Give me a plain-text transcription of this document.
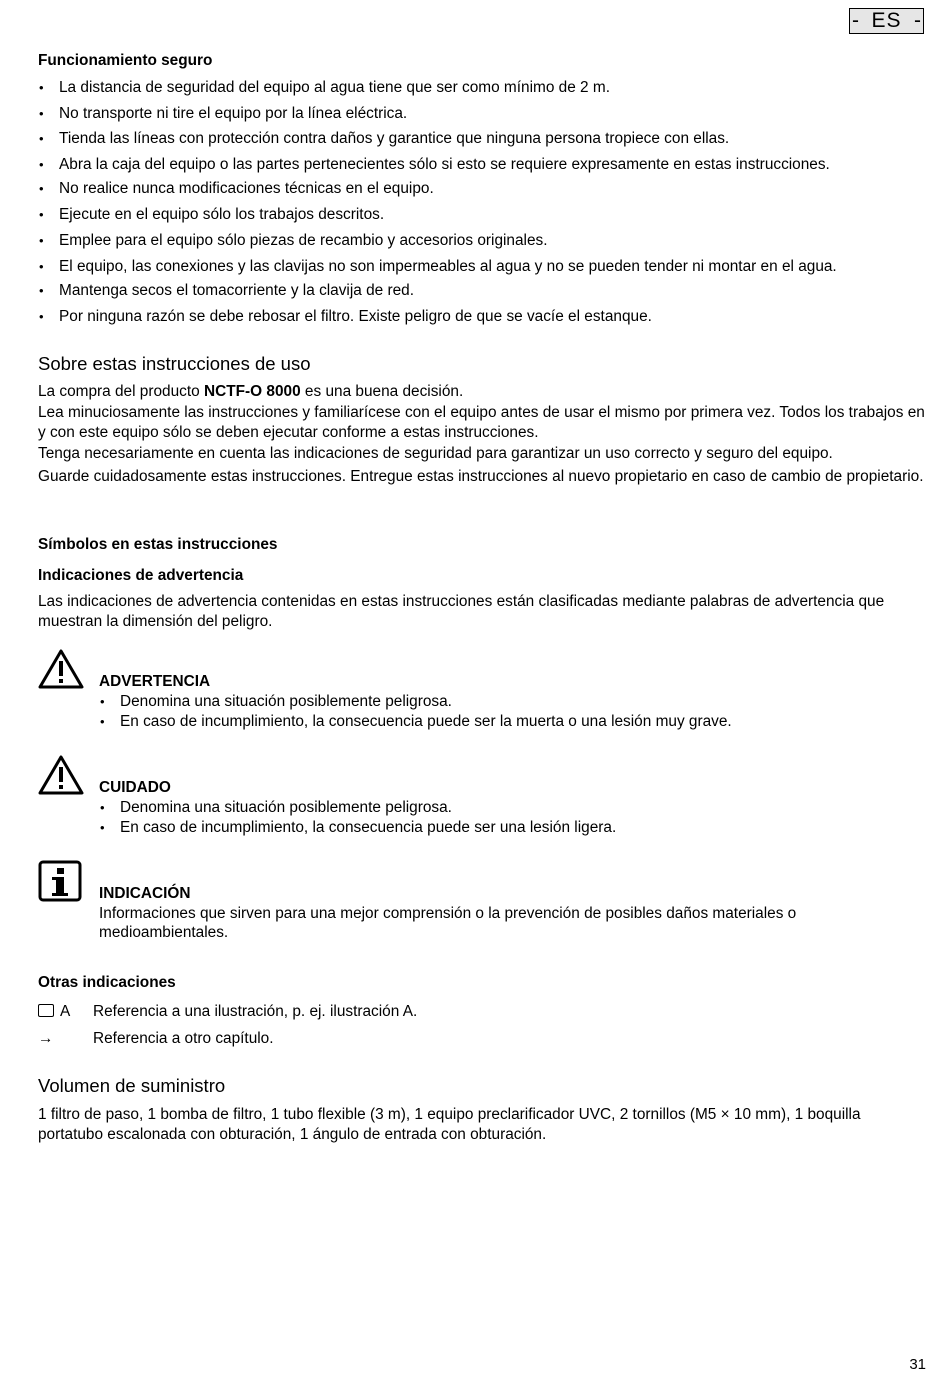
- ES -
Funcionamiento seguro
• La distancia de seguridad del equipo al agua tiene que ser como mínimo de 2 m.
• No transporte ni tire el equipo por la línea eléctrica.
• Tienda las líneas con protección contra daños y garantice que ninguna persona tropiece con ellas.
• Abra la caja del equipo o las partes pertenecientes sólo si esto se requiere expresamente en estas instrucciones.
• No realice nunca modificaciones técnicas en el equipo.
• Ejecute en el equipo sólo los trabajos descritos.
• Emplee para el equipo sólo piezas de recambio y accesorios originales.
• El equipo, las conexiones y las clavijas no son impermeables al agua y no se pueden tender ni montar en el agua.
• Mantenga secos el tomacorriente y la clavija de red.
• Por ninguna razón se debe rebosar el filtro. Existe peligro de que se vacíe el estanque.
Sobre estas instrucciones de uso
La compra del producto NCTF-O 8000 es una buena decisión.
Lea minuciosamente las instrucciones y familiarícese con el equipo antes de usar el mismo por primera vez. Todos los trabajos en y con este equipo sólo se deben ejecutar conforme a estas instrucciones.
Tenga necesariamente en cuenta las indicaciones de seguridad para garantizar un uso correcto y seguro del equipo.
Guarde cuidadosamente estas instrucciones. Entregue estas instrucciones al nuevo propietario en caso de cambio de propietario.
Símbolos en estas instrucciones
Indicaciones de advertencia
Las indicaciones de advertencia contenidas en estas instrucciones están clasificadas mediante palabras de advertencia que muestran la dimensión del peligro.
ADVERTENCIA
• Denomina una situación posiblemente peligrosa.
• En caso de incumplimiento, la consecuencia puede ser la muerta o una lesión muy grave.
CUIDADO
• Denomina una situación posiblemente peligrosa.
• En caso de incumplimiento, la consecuencia puede ser una lesión ligera.
INDICACIÓN
Informaciones que sirven para una mejor comprensión o la prevención de posibles daños materiales o medioambientales.
Otras indicaciones
A	Referencia a una ilustración, p. ej. ilustración A.
→	Referencia a otro capítulo.
Volumen de suministro
1 filtro de paso, 1 bomba de filtro, 1 tubo flexible (3 m), 1 equipo preclarificador UVC, 2 tornillos (M5 × 10 mm), 1 boquilla portatubo escalonada con obturación, 1 ángulo de entrada con obturación.
31
